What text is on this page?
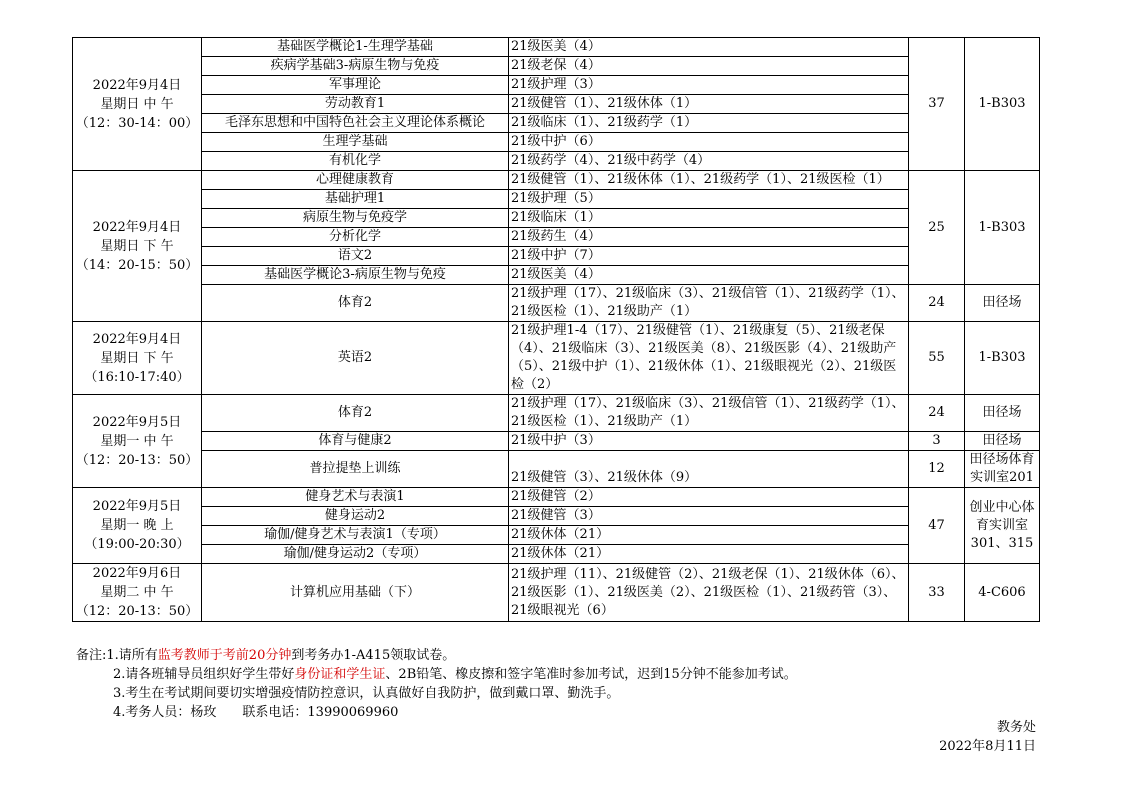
2022年9月4日
星期日 中 午
（12：30-14：00）	基础医学概论1-生理学基础	21级医美（4）	37	1-B303
	疾病学基础3-病原生物与免疫	21级老保（4）		
	军事理论	21级护理（3）		
	劳动教育1	21级健管（1）、21级休体（1）		
	毛泽东思想和中国特色社会主义理论体系概论	21级临床（1）、21级药学（1）		
	生理学基础	21级中护（6）		
	有机化学	21级药学（4）、21级中药学（4）		

2022年9月4日
星期日 下 午
（14：20-15：50）	心理健康教育	21级健管（1）、21级休体（1）、21级药学（1）、21级医检（1）	25	1-B303
	基础护理1	21级护理（5）		
	病原生物与免疫学	21级临床（1）		
	分析化学	21级药生（4）		
	语文2	21级中护（7）		
	基础医学概论3-病原生物与免疫	21级医美（4）		
	体育2	21级护理（17）、21级临床（3）、21级信管（1）、21级药学（1）、21级医检（1）、21级助产（1）	24	田径场

2022年9月4日
星期日 下 午
（16:10-17:40）	英语2	21级护理1-4（17）、21级健管（1）、21级康复（5）、21级老保（4）、21级临床（3）、21级医美（8）、21级医影（4）、21级助产（5）、21级中护（1）、21级休体（1）、21级眼视光（2）、21级医检（2）	55	1-B303

2022年9月5日
星期一 中 午
（12：20-13：50）	体育2	21级护理（17）、21级临床（3）、21级信管（1）、21级药学（1）、21级医检（1）、21级助产（1）	24	田径场
	体育与健康2	21级中护（3）	3	田径场
	普拉提垫上训练	21级健管（3）、21级休体（9）	12	田径场体育实训室201

2022年9月5日
星期一 晚 上
（19:00-20:30）	健身艺术与表演1	21级健管（2）	47	创业中心体育实训室301、315
	健身运动2	21级健管（3）		
	瑜伽/健身艺术与表演1（专项）	21级休体（21）		
	瑜伽/健身运动2（专项）	21级休体（21）		

2022年9月6日
星期二 中 午
（12：20-13：50）	计算机应用基础（下）	21级护理（11）、21级健管（2）、21级老保（1）、21级休体（6）、21级医影（1）、21级医美（2）、21级医检（1）、21级药管（3）、21级眼视光（6）	33	4-C606
备注:1.请所有监考教师于考前20分钟到考务办1-A415领取试卷。
2.请各班辅导员组织好学生带好身份证和学生证、2B铅笔、橡皮擦和签字笔准时参加考试，迟到15分钟不能参加考试。
3.考生在考试期间要切实增强疫情防控意识，认真做好自我防护，做到戴口罩、勤洗手。
4.考务人员：杨玫　　联系电话：13990069960
教务处
2022年8月11日
